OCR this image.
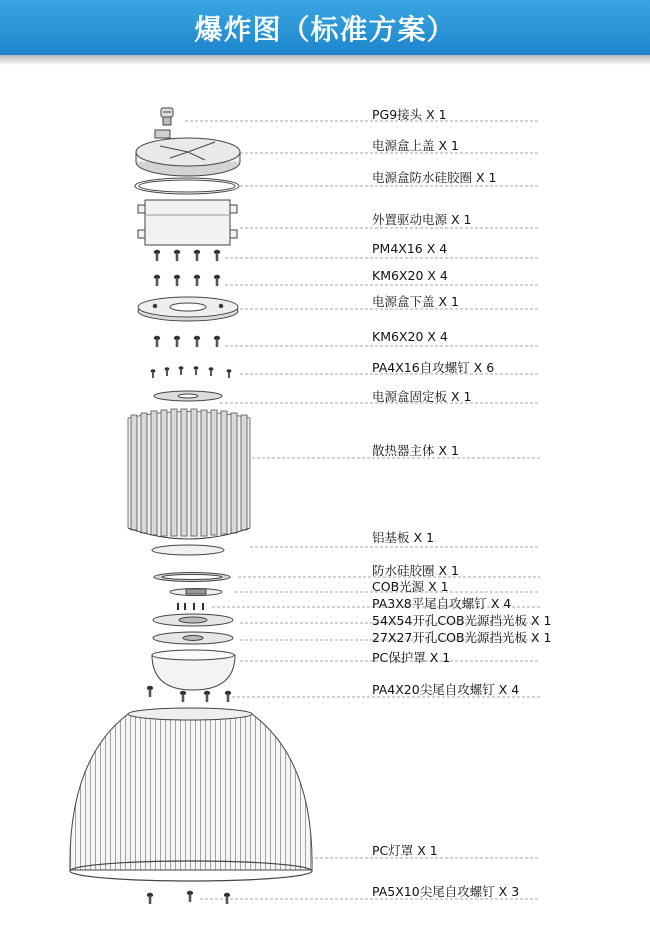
爆炸图（标准方案）
PG9接头 X 1
电源盒上盖 X 1
电源盒防水硅胶圈 X 1
外置驱动电源 X 1
PM4X16 X 4
KM6X20 X 4
电源盒下盖 X 1
KM6X20 X 4
PA4X16自攻螺钉 X 6
电源盒固定板 X 1
散热器主体 X 1
铝基板 X 1
防水硅胶圈 X 1
COB光源 X 1
PA3X8平尾自攻螺钉 X 4
54X54开孔COB光源挡光板 X 1
27X27开孔COB光源挡光板 X 1
PC保护罩 X 1
PA4X20尖尾自攻螺钉 X 4
PC灯罩 X 1
PA5X10尖尾自攻螺钉 X 3
